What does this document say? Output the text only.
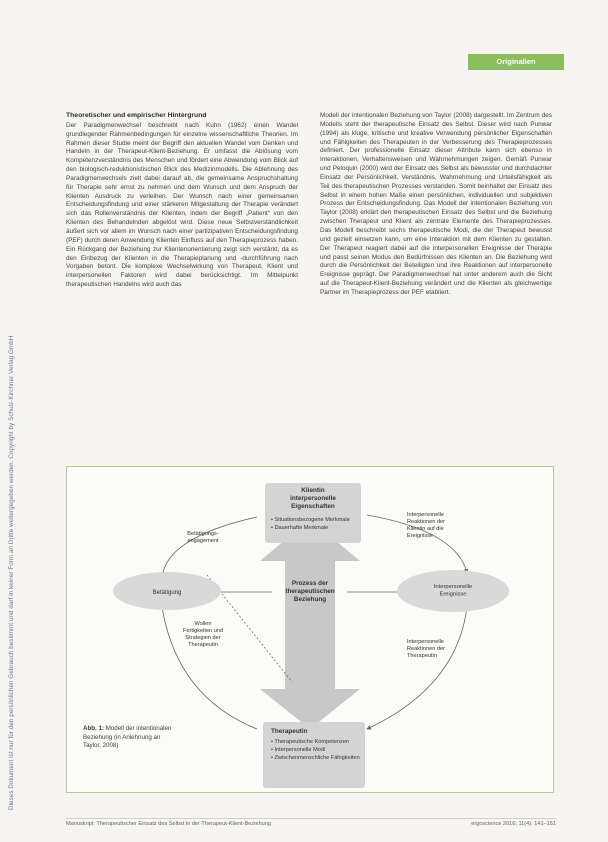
Dieses Dokument ist nur für den persönlichen Gebrauch bestimmt und darf in keiner Form an Dritte weitergegeben werden. Copyright by Schulz-Kirchner Verlag GmbH
Originalien
Theoretischer und empirischer Hintergrund

Der Paradigmenwechsel beschreibt nach Kuhn (1962) einen Wandel grundlegender Rahmenbedingungen für einzelne wissenschaftliche Theorien. Im Rahmen dieser Studie meint der Begriff den aktuellen Wandel vom Denken und Handeln in der Therapeut-Klient-Beziehung. Er umfasst die Ablösung vom Kompetenzverständnis des Menschen und fördert eine Abwendung vom Blick auf den biologisch-reduktionistischen Blick des Medizinmodells. Die Ablehnung des Paradigmenwechsels zielt dabei darauf ab, die gemeinsame Anspruchshaltung für Therapie sehr ernst zu nehmen und dem Wunsch und dem Anspruch der Klienten Ausdruck zu verleihen. Der Wunsch nach einer gemeinsamen Entscheidungsfindung und einer stärkeren Mitgestaltung der Therapie verändert sich das Rollenverständnis der Klienten, indem der Begriff „Patient“ von den Klienten des Behandelnden abgelöst wird. Diese neue Selbstverständlichkeit äußert sich vor allem im Wunsch nach einer partizipativen Entscheidungsfindung (PEF) durch deren Anwendung Klienten Einfluss auf den Therapieprozess haben. Ein Rückgang der Beziehung zur Klientenorientierung zeigt sich verstärkt, da es den Einbezug der Klienten in die Therapieplanung und -durchführung nach Vorgaben betont. Die komplexe Wechselwirkung von Therapeut, Klient und interpersonellen Faktoren wird dabei berücksichtigt. Im Mittelpunkt therapeutischen Handelns wird auch das

Modell der intentionalen Beziehung von Taylor (2008) dargestellt. Im Zentrum des Modells steht der therapeutische Einsatz des Selbst. Dieser wird nach Punwar (1994) als kluge, kritische und kreative Verwendung persönlicher Eigenschaften und Fähigkeiten des Therapeuten in der Verbesserung des Therapieprozesses definiert. Der professionelle Einsatz dieser Attribute kann sich ebenso in Interaktionen, Verhaltensweisen und Wahrnehmungen zeigen. Gemäß Punwar und Peloquin (2000) wird der Einsatz des Selbst als bewusster und durchdachter Einsatz der Persönlichkeit, Verständnis, Wahrnehmung und Urteilsfähigkeit als Teil des therapeutischen Prozesses verstanden. Somit beinhaltet der Einsatz des Selbst in einem hohen Maße einen persönlichen, individuellen und subjektiven Prozess der Entscheidungsfindung. Das Modell der intentionalen Beziehung von Taylor (2008) erklärt den therapeutischen Einsatz des Selbst und die Beziehung zwischen Therapeut und Klient als zentrale Elemente des Therapieprozesses. Das Modell beschreibt sechs therapeutische Modi, die der Therapeut bewusst und gezielt einsetzen kann, um eine Interaktion mit dem Klienten zu gestalten. Der Therapeut reagiert dabei auf die interpersonellen Ereignisse der Therapie und passt seinen Modus den Bedürfnissen des Klienten an. Die Beziehung wird durch die Persönlichkeit der Beteiligten und ihre Reaktionen auf interpersonelle Ereignisse geprägt. Der Paradigmenwechsel hat unter anderem auch die Sicht auf die Therapeut-Klient-Beziehung verändert und die Klienten als gleichwertige Partner im Therapieprozess der PEF etabliert.

Prozess der therapeutischen Beziehung
Klientin interpersonelle Eigenschaften
• Situationsbezogene Merkmale • Dauerhafte Merkmale
Therapeutin
• Therapeutische Kompetenzen • Interpersonelle Modi • Zwischenmenschliche Fähigkeiten
Betätigung
Interpersonelle Ereignisse
Betätigungs-engagement
Wollen Fertigkeiten und Strategien der Therapeutin
Interpersonelle Reaktionen der Klientin auf die Ereignisse
Interpersonelle Reaktionen der Therapeutin
Abb. 1: Modell der intentionalen Beziehung (in Anlehnung an Taylor, 2008)
Manuskript: Therapeutischer Einsatz des Selbst in der Therapeut-Klient-Beziehung	ergoscience 2016; 11(4): 141–151
